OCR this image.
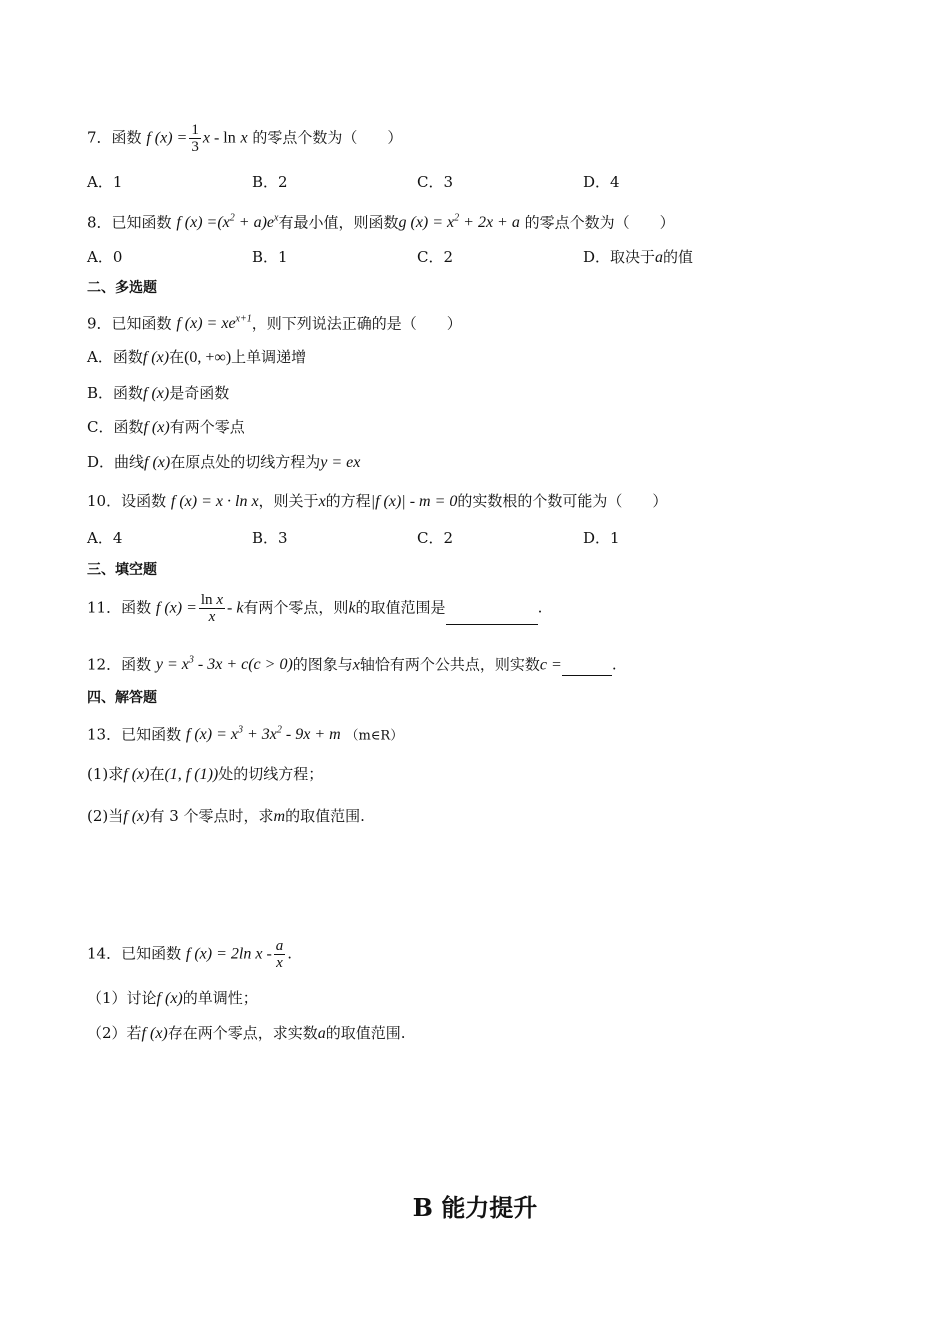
7．函数 f $(x) = \frac{1}{3}$ x - ln x 的零点个数为（　　）
A．1	B．2	C．3	D．4
8．已知函数 f $(x) =(x^2 + a)e^x$有最小值，则函数g $(x) = x^2 + 2x + a$ 的零点个数为（　　）
A．0	B．1	C．2	D．取决于a的值
二、多选题
9．已知函数 f $(x) = xe^{x+1}$，则下列说法正确的是（　　）
A．函数f (x)在(0, +∞)上单调递增
B．函数f (x)是奇函数
C．函数f (x)有两个零点
D．曲线f (x)在原点处的切线方程为y = ex
10．设函数 f (x) = x · ln x，则关于x的方程|f (x)| - m = 0的实数根的个数可能为（　　）
A．4	B．3	C．2	D．1
三、填空题
11．函数 f $(x) = \frac{\text{ln x}}{x} - k$有两个零点，则k的取值范围是	.
12．函数 $y = x^3 - 3x + c(c > 0)$的图象与x轴恰有两个公共点，则实数c =	.
四、解答题
13．已知函数 f $(x) = x^3 + 3x^2 - 9x + m$ （m∈R）
(1)求f (x)在(1, f (1))处的切线方程；
(2)当f (x)有 3 个零点时，求m的取值范围.
14．已知函数 f (x) = 2ln x - $\frac{a}{x}$ .
（1）讨论f (x)的单调性；
（2）若f (x)存在两个零点，求实数a的取值范围.
B 能力提升
